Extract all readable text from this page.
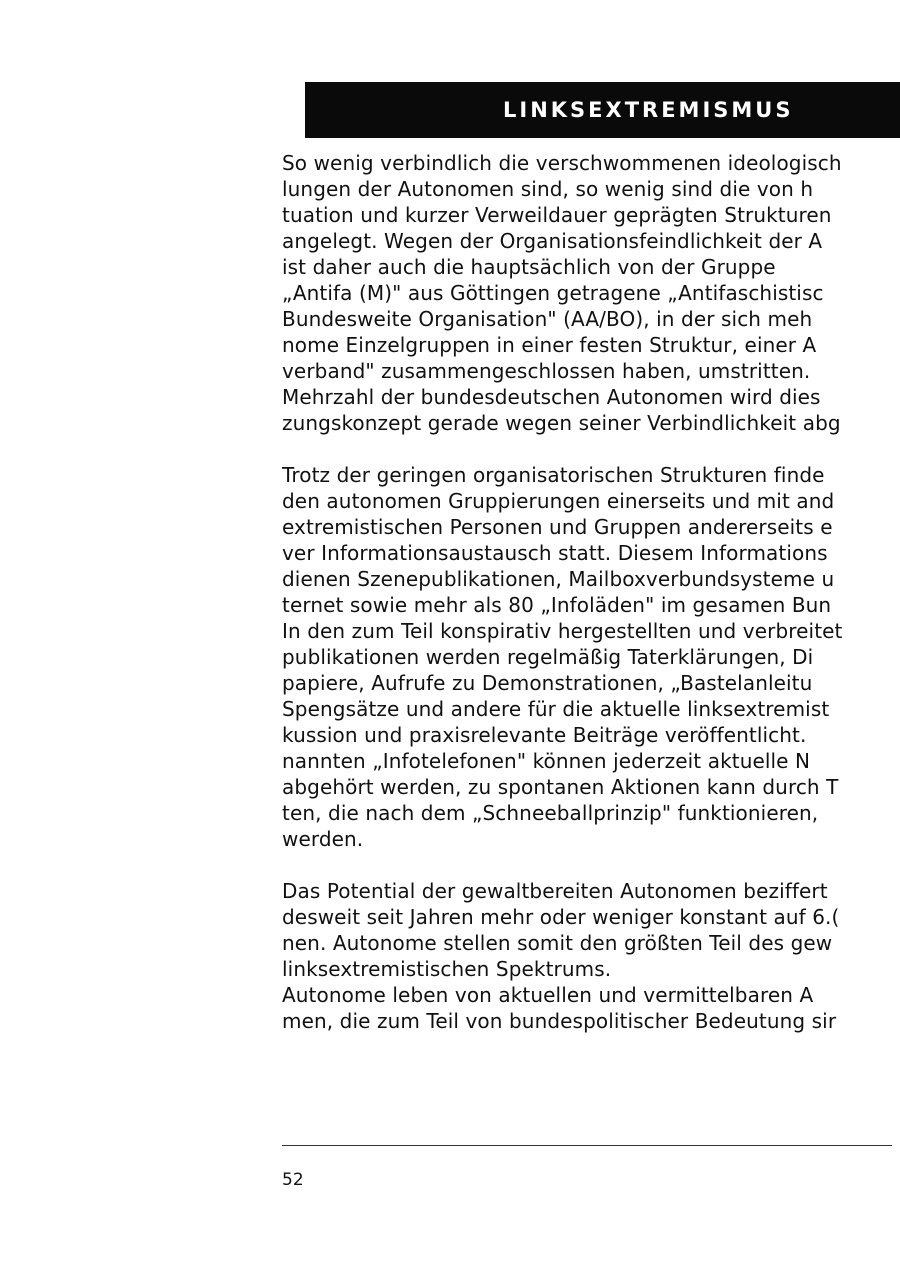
LINKSEXTREMISMUS
So wenig verbindlich die verschwommenen ideologisch
lungen der Autonomen sind, so wenig sind die von h
tuation und kurzer Verweildauer geprägten Strukturen
angelegt. Wegen der Organisationsfeindlichkeit der A
ist daher auch die hauptsächlich von der Gruppe
„Antifa (M)" aus Göttingen getragene „Antifaschistisc
Bundesweite Organisation" (AA/BO), in der sich meh
nome Einzelgruppen in einer festen Struktur, einer A
verband" zusammengeschlossen haben, umstritten.
Mehrzahl der bundesdeutschen Autonomen wird dies
zungskonzept gerade wegen seiner Verbindlichkeit abg
Trotz der geringen organisatorischen Strukturen finde
den autonomen Gruppierungen einerseits und mit and
extremistischen Personen und Gruppen andererseits e
ver Informationsaustausch statt. Diesem Informations
dienen Szenepublikationen, Mailboxverbundsysteme u
ternet sowie mehr als 80 „Infoläden" im gesamen Bun
In den zum Teil konspirativ hergestellten und verbreitet
publikationen werden regelmäßig Taterklärungen, Di
papiere, Aufrufe zu Demonstrationen, „Bastelanleitu
Spengsätze und andere für die aktuelle linksextremist
kussion und praxisrelevante Beiträge veröffentlicht.
nannten „Infotelefonen" können jederzeit aktuelle N
abgehört werden, zu spontanen Aktionen kann durch T
ten, die nach dem „Schneeballprinzip" funktionieren,
werden.
Das Potential der gewaltbereiten Autonomen beziffert
desweit seit Jahren mehr oder weniger konstant auf 6.(
nen. Autonome stellen somit den größten Teil des gew
linksextremistischen Spektrums.
Autonome leben von aktuellen und vermittelbaren A
men, die zum Teil von bundespolitischer Bedeutung sir
52
